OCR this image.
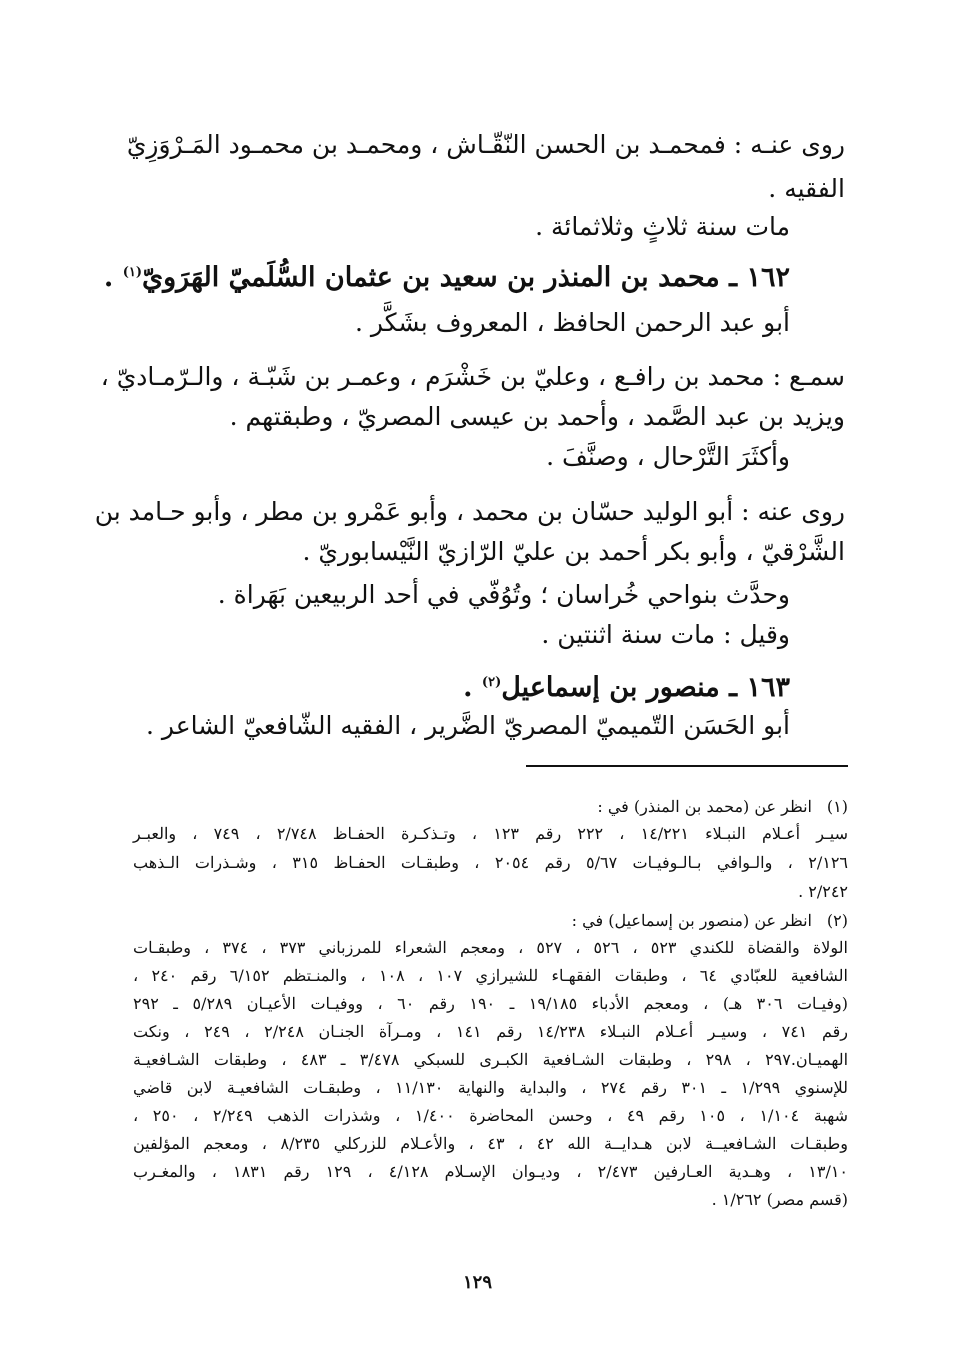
روى عنـه : فمحمـد بن الحسن النّقّـاش ، ومحمـد بن محمـود المَـرْوَزِيّ
الفقيه .
مات سنة ثلاثٍ وثلاثمائة .
١٦٢ ـ محمد بن المنذر بن سعيد بن عثمان السُّلَميّ الهَرَويّ$^{(١)}$ .
أبو عبد الرحمن الحافظ ، المعروف بشَكَّر .
سمـع : محمد بن رافـع ، وعليّ بن خَشْرَم ، وعمـر بن شَبّـة ، والـرّمـاديّ ،
ويزيد بن عبد الصَّمد ، وأحمد بن عيسى المصريّ ، وطبقتهم .
وأكثَرَ التَّرْحال ، وصنَّفَ .
روى عنه : أبو الوليد حسّان بن محمد ، وأبو عَمْرو بن مطر ، وأبو حـامد بن
الشَّرْقيّ ، وأبو بكر أحمد بن عليّ الرّازيّ النَّيْسابوريّ .
وحدَّث بنواحي خُراسان ؛ وتُوُفّي في أحد الربيعين بَهَراة .
وقيل : مات سنة اثنتين .
١٦٣ ـ منصور بن إسماعيل$^{(٢)}$ .
أبو الحَسَن التّميميّ المصريّ الضَّرير ، الفقيه الشّافعيّ الشاعر .
(١)
انظر عن (محمد بن المنذر) في :
سيـر أعـلام النبـلاء ١٤/٢٢١ ، ٢٢٢ رقم ١٢٣ ، وتـذكـرة الحفـاظ ٢/٧٤٨ ، ٧٤٩ ، والعبـر
٢/١٢٦ ، والـوافي بـالـوفيـات ٥/٦٧ رقم ٢٠٥٤ ، وطبقـات الحفـاظ ٣١٥ ، وشـذرات الـذهب
٢/٢٤٢ .
(٢)
انظر عن (منصور بن إسماعيل) في :
الولاة والقضاة للكندي ٥٢٣ ، ٥٢٦ ، ٥٢٧ ، ومعجم الشعراء للمرزباني ٣٧٣ ، ٣٧٤ ، وطبقـات
الشافعية للعبّادي ٦٤ ، وطبقات الفقهـاء للشيرازي ١٠٧ ، ١٠٨ ، والمنـتظم ٦/١٥٢ رقم ٢٤٠ ،
(وفيـات ٣٠٦ هـ) ، ومعجم الأدباء ١٩/١٨٥ ـ ١٩٠ رقم ٦٠ ، ووفيـات الأعيـان ٥/٢٨٩ ـ ٢٩٢
رقم ٧٤١ ، وسيـر أعـلام النبـلاء ١٤/٢٣٨ رقم ١٤١ ، ومـرآة الجنـان ٢/٢٤٨ ، ٢٤٩ ، ونكت
الهميـان.٢٩٧ ، ٢٩٨ ، وطبقات الشـافعية الكبـرى للسبكي ٣/٤٧٨ ـ ٤٨٣ ، وطبقات الشـافعيـة
للإسنوي ١/٢٩٩ ـ ٣٠١ رقم ٢٧٤ ، والبداية والنهاية ١١/١٣٠ ، وطبقـات الشافعيـة لابن قاضي
شهبة ١/١٠٤ ، ١٠٥ رقم ٤٩ ، وحسن المحاضرة ١/٤٠٠ ، وشذرات الذهب ٢/٢٤٩ ، ٢٥٠ ،
وطبقـات الشـافعيــة لابن هـدايــة الله ٤٢ ، ٤٣ ، والأعـلام للزركلي ٨/٢٣٥ ، ومعجم المؤلفين
١٣/١٠ ، وهـدية العـارفين ٢/٤٧٣ ، وديـوان الإسـلام ٤/١٢٨ ، ١٢٩ رقم ١٨٣١ ، والمغـرب
(قسم مصر) ١/٢٦٢ .
١٢٩
